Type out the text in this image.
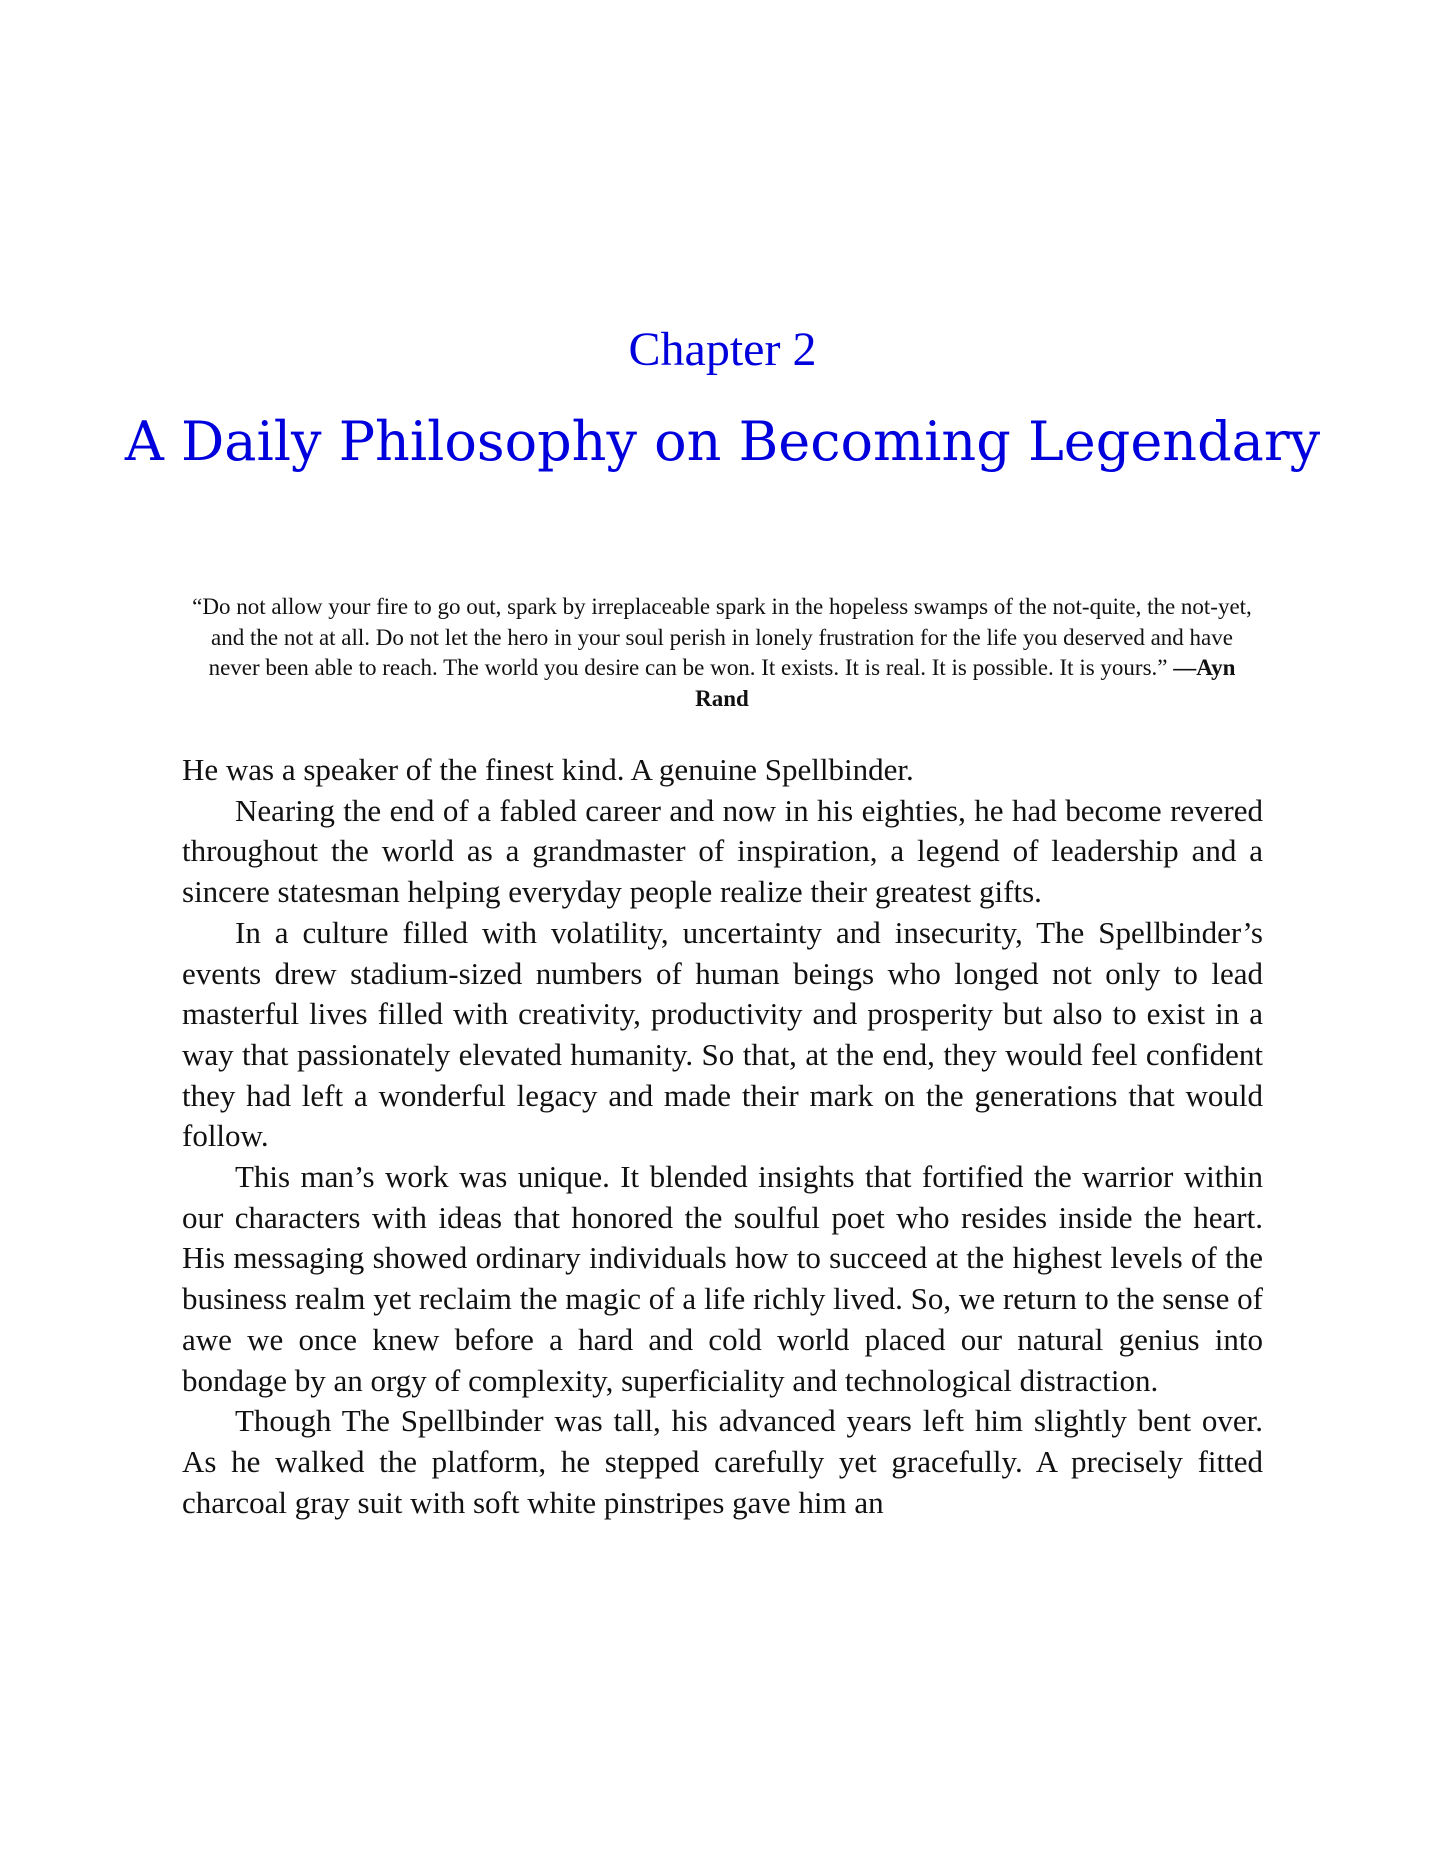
Chapter 2
A Daily Philosophy on Becoming Legendary
“Do not allow your fire to go out, spark by irreplaceable spark in the hopeless swamps of the not-quite, the not-yet, and the not at all. Do not let the hero in your soul perish in lonely frustration for the life you deserved and have never been able to reach. The world you desire can be won. It exists. It is real. It is possible. It is yours.” —Ayn Rand

He was a speaker of the finest kind. A genuine Spellbinder.

Nearing the end of a fabled career and now in his eighties, he had become revered throughout the world as a grandmaster of inspiration, a legend of leadership and a sincere statesman helping everyday people realize their greatest gifts.

In a culture filled with volatility, uncertainty and insecurity, The Spellbinder’s events drew stadium-sized numbers of human beings who longed not only to lead masterful lives filled with creativity, productivity and prosperity but also to exist in a way that passionately elevated humanity. So that, at the end, they would feel confident they had left a wonderful legacy and made their mark on the generations that would follow.

This man’s work was unique. It blended insights that fortified the warrior within our characters with ideas that honored the soulful poet who resides inside the heart. His messaging showed ordinary individuals how to succeed at the highest levels of the business realm yet reclaim the magic of a life richly lived. So, we return to the sense of awe we once knew before a hard and cold world placed our natural genius into bondage by an orgy of complexity, superficiality and technological distraction.

Though The Spellbinder was tall, his advanced years left him slightly bent over. As he walked the platform, he stepped carefully yet gracefully. A precisely fitted charcoal gray suit with soft white pinstripes gave him an
